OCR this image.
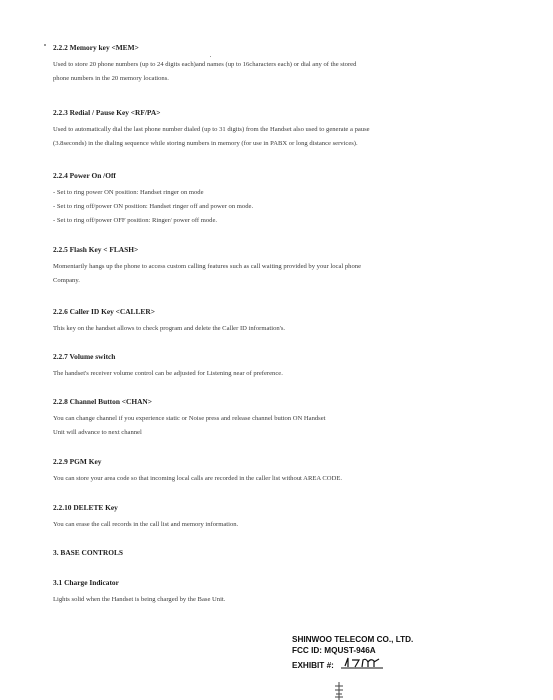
2.2.2 Memory key <MEM>

Used to store 20 phone numbers (up to 24 digits each)and names (up to 16characters each) or dial any of the stored

phone numbers in the 20 memory locations.

2.2.3 Redial / Pause Key <RF/PA>

Used to automatically dial the last phone number dialed (up to 31 digits) from the Handset also used to generate a pause

(3.8seconds) in the dialing sequence while storing numbers in memory (for use in PABX or long distance services).

2.2.4 Power On /Off

- Set to ring power ON position: Handset ringer on mode

- Set to ring off/power ON position: Handset ringer off and power on mode.

- Set to ring off/power OFF position: Ringer/ power off mode.

2.2.5 Flash Key < FLASH>

Momentarily hangs up the phone to access custom calling features such as call waiting provided by your local phone

Company.

2.2.6 Caller ID Key <CALLER>

This key on the handset allows to check program and delete the Caller ID information's.

2.2.7 Volume switch

The handset's receiver volume control can be adjusted for Listening near of preference.

2.2.8 Channel Button <CHAN>

You can change channel if you experience static or Noise press and release channel button ON Handset

Unit will advance to next channel

2.2.9 PGM Key

You can store your area code so that incoming local calls are recorded in the caller list without AREA CODE.

2.2.10 DELETE Key

You can erase the call records in the call list and memory information.

3. BASE CONTROLS
3.1 Charge Indicator

Lights solid when the Handset is being charged by the Base Unit.

SHINWOO TELECOM CO., LTD.
FCC ID: MQUST-946A
EXHIBIT #:
